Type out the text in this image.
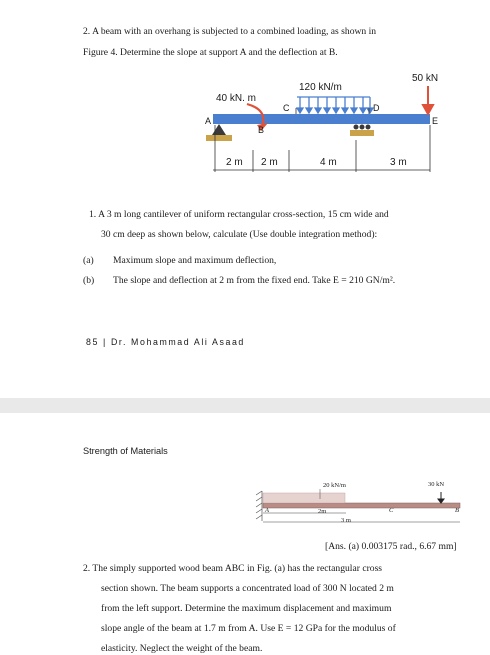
2. A beam with an overhang is subjected to a combined loading, as shown in
Figure 4. Determine the slope at support A and the deflection at B.
50 kN
120 kN/m
40 kN. m
A
B
C	D
E
2 m 2 m	4 m	3 m
1. A 3 m long cantilever of uniform rectangular cross-section, 15 cm wide and
30 cm deep as shown below, calculate (Use double integration method):
(a) Maximum slope and maximum deflection,
(b) The slope and deflection at 2 m from the fixed end. Take E = 210 GN/m².
85 | Dr. Mohammad Ali Asaad
Strength of Materials
20 kN/m	30 kN
A	B
C
2m
3 m
[Ans. (a) 0.003175 rad., 6.67 mm]
2. The simply supported wood beam ABC in Fig. (a) has the rectangular cross
section shown. The beam supports a concentrated load of 300 N located 2 m
from the left support. Determine the maximum displacement and maximum
slope angle of the beam at 1.7 m from A. Use E = 12 GPa for the modulus of
elasticity. Neglect the weight of the beam.
